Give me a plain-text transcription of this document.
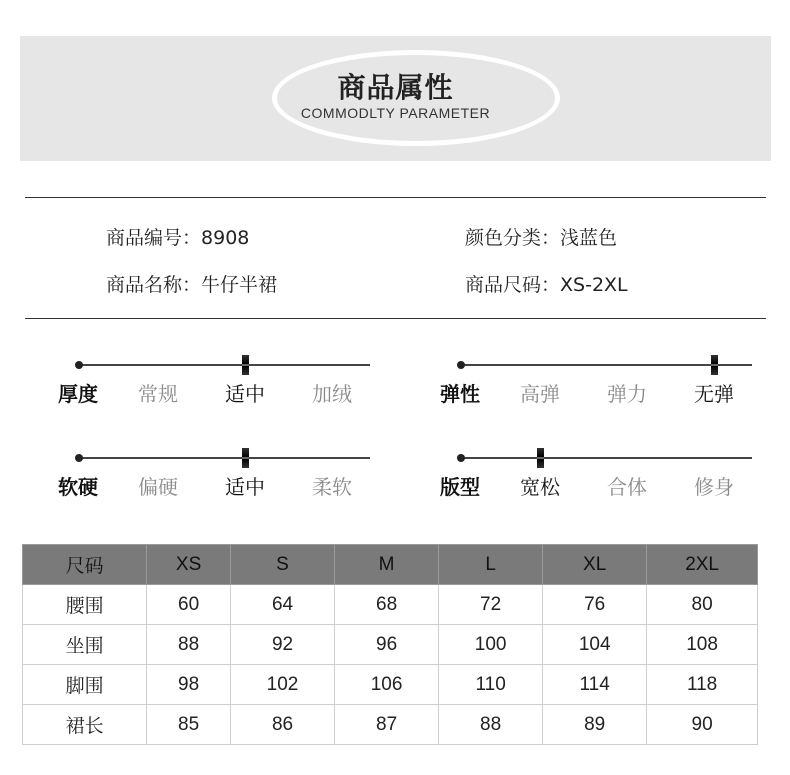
商品属性
COMMODLTY PARAMETER
商品编号：8908	颜色分类：浅蓝色
商品名称：牛仔半裙	商品尺码：XS-2XL
厚度	常规	适中	加绒	弹性	高弹	弹力	无弹
软硬	偏硬	适中	柔软	版型	宽松	合体	修身
尺码	XS	S	M	L	XL	2XL
腰围	60	64	68	72	76	80
坐围	88	92	96	100	104	108
脚围	98	102	106	110	114	118
裙长	85	86	87	88	89	90
